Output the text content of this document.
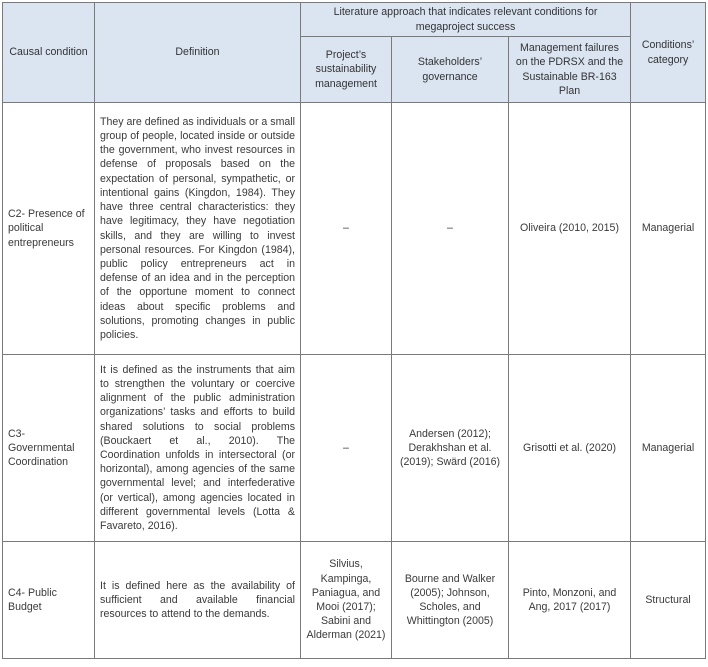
Causal condition	Definition	Literature approach that indicates relevant conditions for megaproject success			Conditions’ category
		Project’s sustainability management	Stakeholders’ governance	Management failures on the PDRSX and the Sustainable BR-163 Plan	
C2- Presence of political entrepreneurs	They are defined as individuals or a small group of people, located inside or outside the government, who invest resources in defense of proposals based on the expectation of personal, sympathetic, or intentional gains (Kingdon, 1984). They have three central characteristics: they have legitimacy, they have negotiation skills, and they are willing to invest personal resources. For Kingdon (1984), public policy entrepreneurs act in defense of an idea and in the perception of the opportune moment to connect ideas about specific problems and solutions, promoting changes in public policies.	–	–	Oliveira (2010, 2015)	Managerial
C3- Governmental Coordination	It is defined as the instruments that aim to strengthen the voluntary or coercive alignment of the public administration organizations’ tasks and efforts to build shared solutions to social problems (Bouckaert et al., 2010). The Coordination unfolds in intersectoral (or horizontal), among agencies of the same governmental level; and interfederative (or vertical), among agencies located in different governmental levels (Lotta & Favareto, 2016).	–	Andersen (2012); Derakhshan et al. (2019); Swärd (2016)	Grisotti et al. (2020)	Managerial
C4- Public Budget	It is defined here as the availability of sufficient and available financial resources to attend to the demands.	Silvius, Kampinga, Paniagua, and Mooi (2017); Sabini and Alderman (2021)	Bourne and Walker (2005); Johnson, Scholes, and Whittington (2005)	Pinto, Monzoni, and Ang, 2017 (2017)	Structural
